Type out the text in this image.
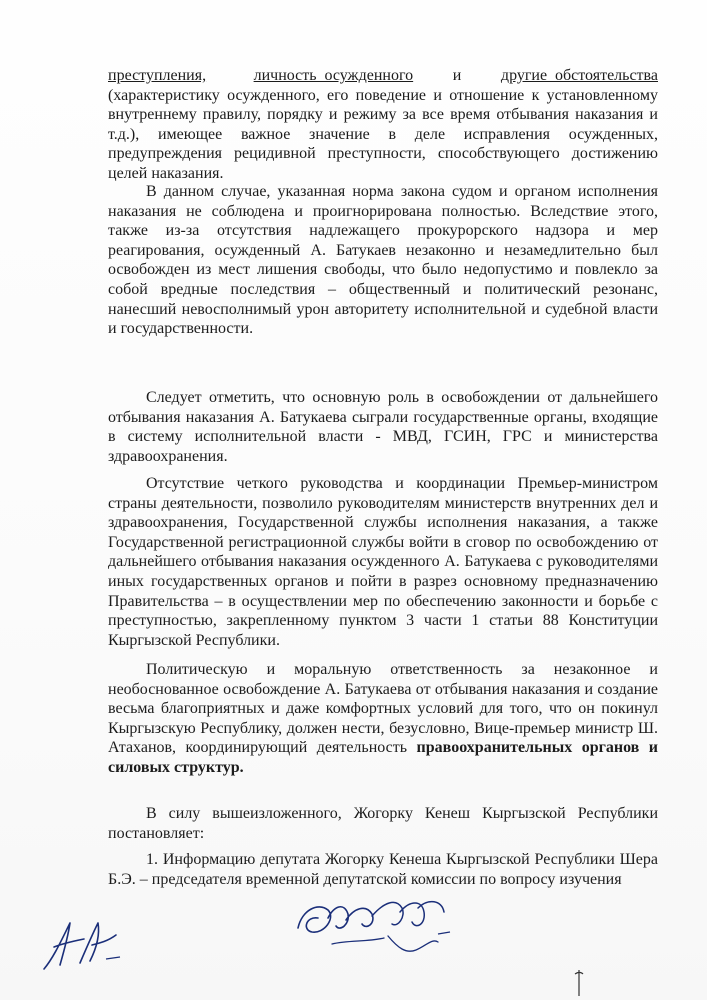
преступления,	личность осужденного и другие обстоятельства (характеристику осужденного, его поведение и отношение к установленному внутреннему правилу, порядку и режиму за все время отбывания наказания и т.д.), имеющее важное значение в деле исправления осужденных, предупреждения рецидивной преступности, способствующего достижению целей наказания.

В данном случае, указанная норма закона судом и органом исполнения наказания не соблюдена и проигнорирована полностью. Вследствие этого, также из-за отсутствия надлежащего прокурорского надзора и мер реагирования, осужденный А. Батукаев незаконно и незамедлительно был освобожден из мест лишения свободы, что было недопустимо и повлекло за собой вредные последствия – общественный и политический резонанс, нанесший невосполнимый урон авторитету исполнительной и судебной власти и государственности.

Следует отметить, что основную роль в освобождении от дальнейшего отбывания наказания А. Батукаева сыграли государственные органы, входящие в систему исполнительной власти - МВД, ГСИН, ГРС и министерства здравоохранения.

Отсутствие четкого руководства и координации Премьер-министром страны деятельности, позволило руководителям министерств внутренних дел и здравоохранения, Государственной службы исполнения наказания, а также Государственной регистрационной службы войти в сговор по освобождению от дальнейшего отбывания наказания осужденного А. Батукаева с руководителями иных государственных органов и пойти в разрез основному предназначению Правительства – в осуществлении мер по обеспечению законности и борьбе с преступностью, закрепленному пунктом 3 части 1 статьи 88 Конституции Кыргызской Республики.

Политическую и моральную ответственность за незаконное и необоснованное освобождение А. Батукаева от отбывания наказания и создание весьма благоприятных и даже комфортных условий для того, что он покинул Кыргызскую Республику, должен нести, безусловно, Вице-премьер министр Ш. Атаханов, координирующий деятельность правоохранительных органов и силовых структур.

В силу вышеизложенного, Жогорку Кенеш Кыргызской Республики постановляет:

1. Информацию депутата Жогорку Кенеша Кыргызской Республики Шера Б.Э. – председателя временной депутатской комиссии по вопросу изучения
